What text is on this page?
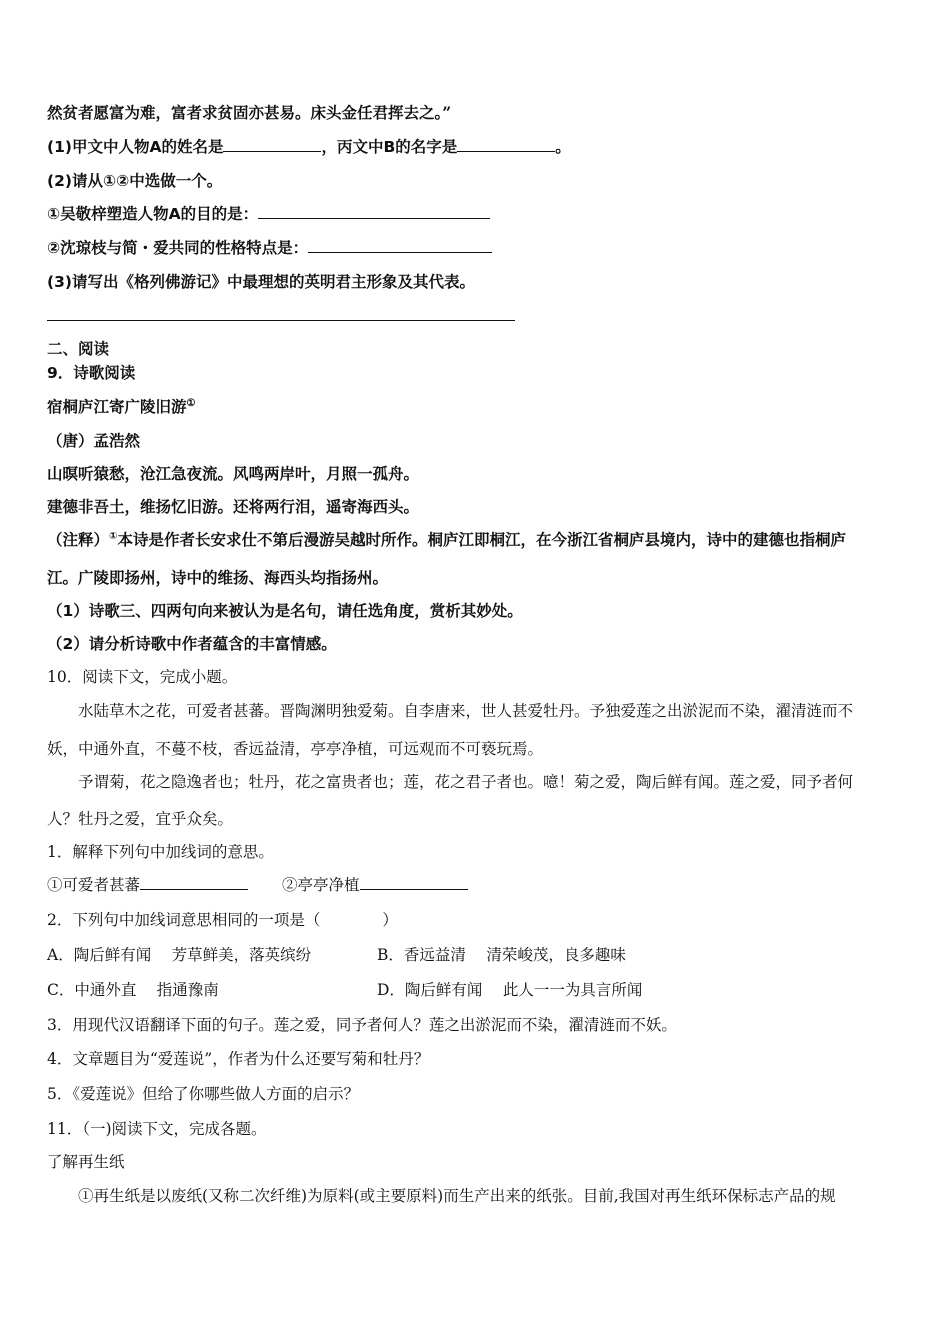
然贫者愿富为难，富者求贫固亦甚易。床头金任君挥去之。”
(1)甲文中人物A的姓名是	，丙文中B的名字是	。
(2)请从①②中选做一个。
①吴敬梓塑造人物A的目的是：
②沈琼枝与简・爱共同的性格特点是：
(3)请写出《格列佛游记》中最理想的英明君主形象及其代表。
二、阅读
9．诗歌阅读
宿桐庐江寄广陵旧游①
（唐）孟浩然
山暝听猿愁，沧江急夜流。风鸣两岸叶，月照一孤舟。
建德非吾土，维扬忆旧游。还将两行泪，遥寄海西头。
（注释）①本诗是作者长安求仕不第后漫游吴越时所作。桐庐江即桐江，在今浙江省桐庐县境内，诗中的建德也指桐庐
江。广陵即扬州，诗中的维扬、海西头均指扬州。
（1）诗歌三、四两句向来被认为是名句，请任选角度，赏析其妙处。
（2）请分析诗歌中作者蕴含的丰富情感。
10．阅读下文，完成小题。
水陆草木之花，可爱者甚蕃。晋陶渊明独爱菊。自李唐来，世人甚爱牡丹。予独爱莲之出淤泥而不染，濯清涟而不
妖，中通外直，不蔓不枝，香远益清，亭亭净植，可远观而不可亵玩焉。
予谓菊，花之隐逸者也；牡丹，花之富贵者也；莲，花之君子者也。噫！菊之爱，陶后鲜有闻。莲之爱，同予者何
人？牡丹之爱，宜乎众矣。
1．解释下列句中加线词的意思。
①可爱者甚蕃	②亭亭净植
2．下列句中加线词意思相同的一项是（	）
A．陶后鲜有闻　 芳草鲜美，落英缤纷	B．香远益清　 清荣峻茂，良多趣味
C．中通外直　 指通豫南	D．陶后鲜有闻　 此人一一为具言所闻
3．用现代汉语翻译下面的句子。莲之爱，同予者何人？莲之出淤泥而不染，濯清涟而不妖。
4．文章题目为“爱莲说”，作者为什么还要写菊和牡丹？
5．《爱莲说》但给了你哪些做人方面的启示？
11．（一)阅读下文，完成各题。
了解再生纸
①再生纸是以废纸(又称二次纤维)为原料(或主要原料)而生产出来的纸张。目前,我国对再生纸环保标志产品的规
